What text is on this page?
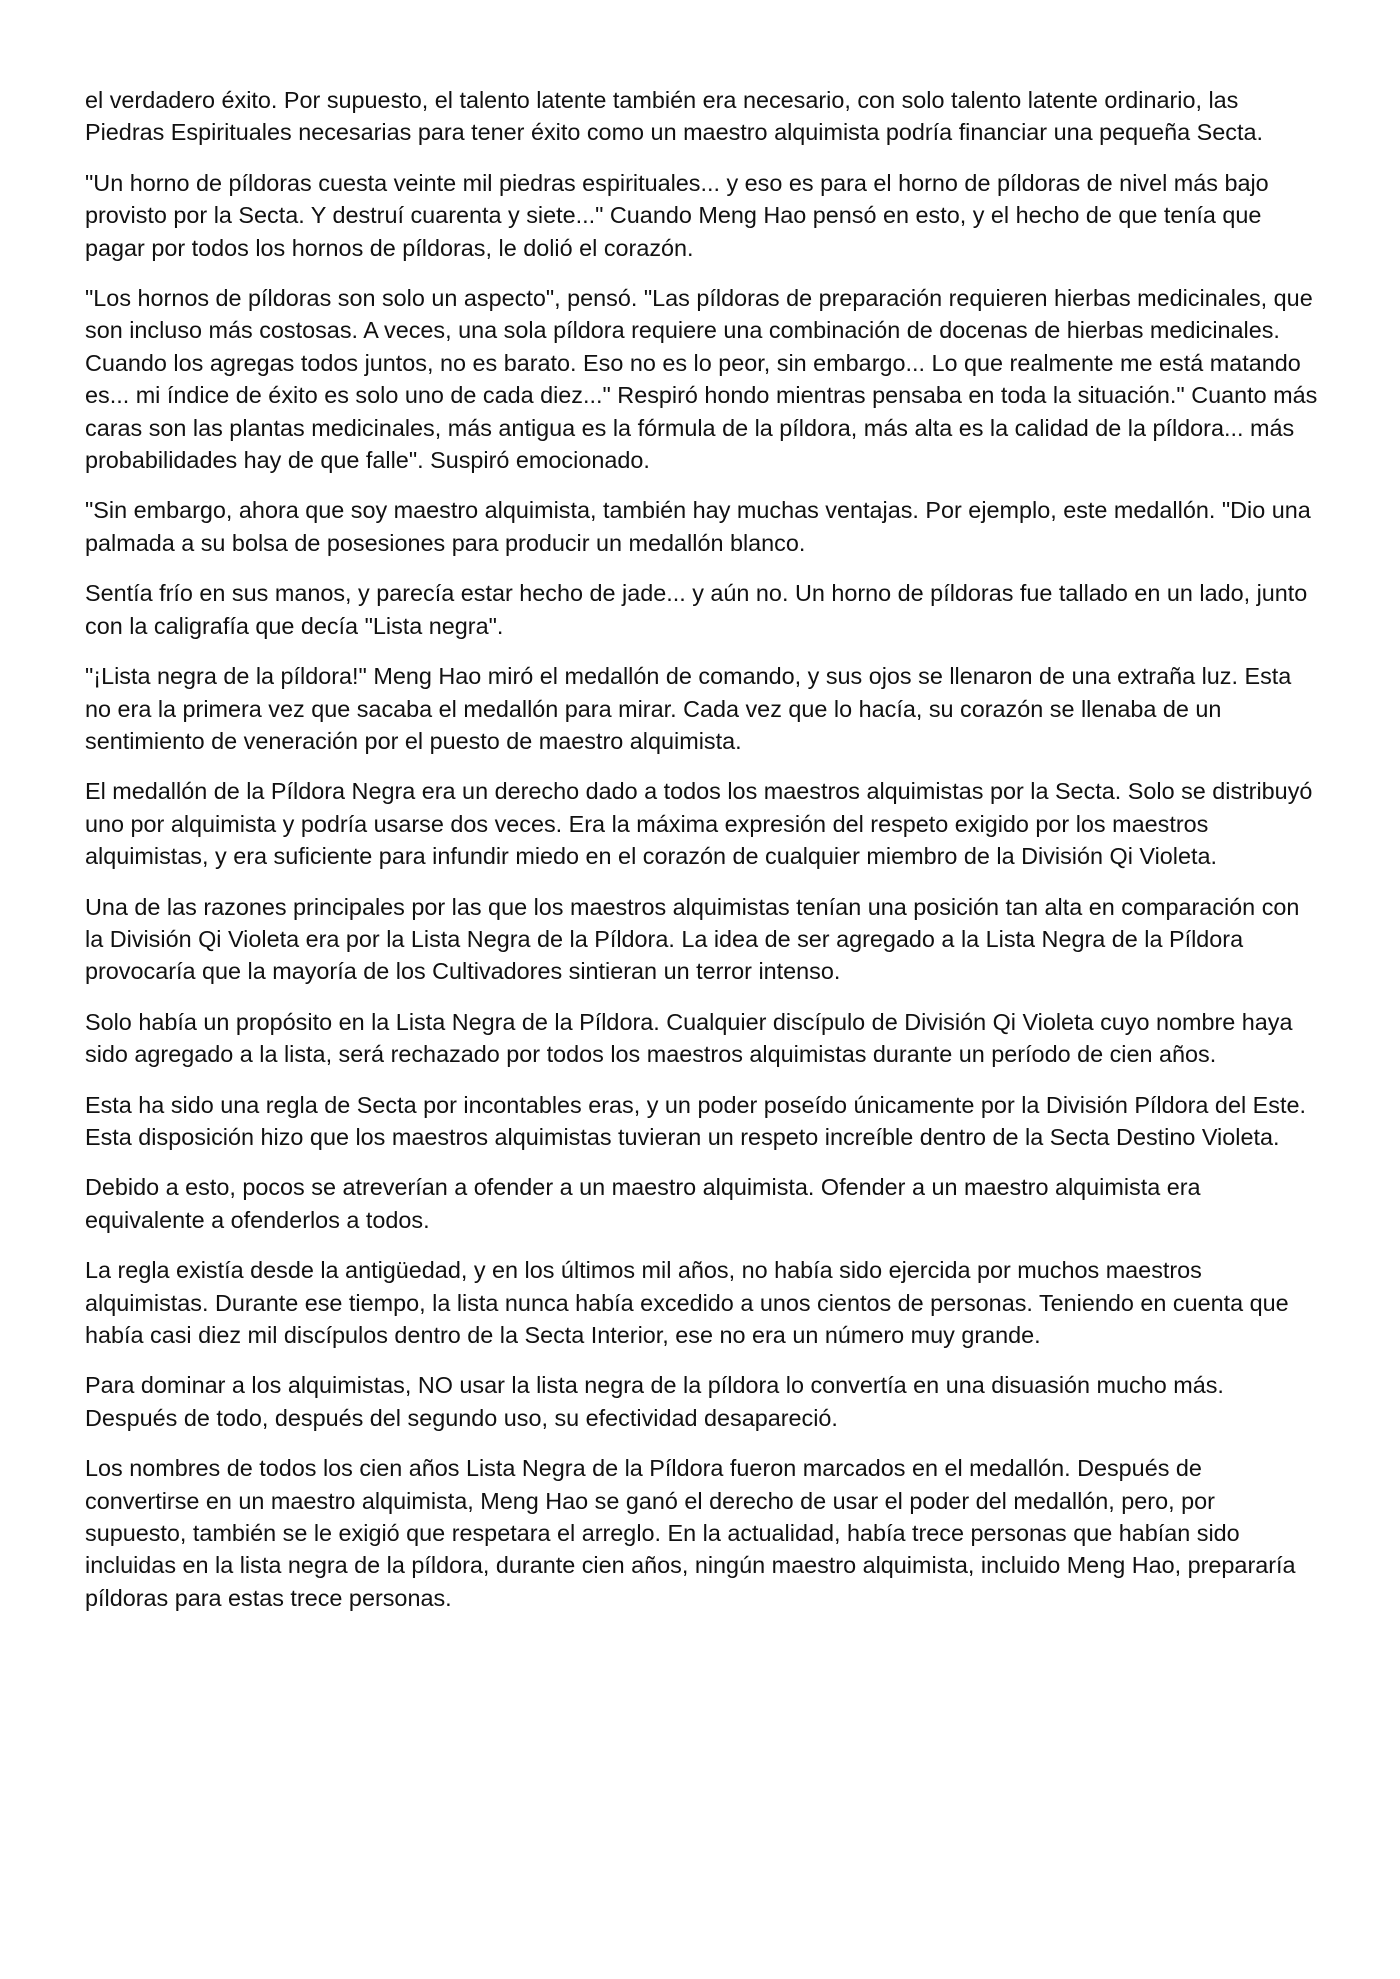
el verdadero éxito. Por supuesto, el talento latente también era necesario, con solo talento latente ordinario, las Piedras Espirituales necesarias para tener éxito como un maestro alquimista podría financiar una pequeña Secta.

"Un horno de píldoras cuesta veinte mil piedras espirituales... y eso es para el horno de píldoras de nivel más bajo provisto por la Secta. Y destruí cuarenta y siete..." Cuando Meng Hao pensó en esto, y el hecho de que tenía que pagar por todos los hornos de píldoras, le dolió el corazón.

"Los hornos de píldoras son solo un aspecto", pensó. "Las píldoras de preparación requieren hierbas medicinales, que son incluso más costosas. A veces, una sola píldora requiere una combinación de docenas de hierbas medicinales. Cuando los agregas todos juntos, no es barato. Eso no es lo peor, sin embargo... Lo que realmente me está matando es... mi índice de éxito es solo uno de cada diez..." Respiró hondo mientras pensaba en toda la situación." Cuanto más caras son las plantas medicinales, más antigua es la fórmula de la píldora, más alta es la calidad de la píldora... más probabilidades hay de que falle". Suspiró emocionado.

"Sin embargo, ahora que soy maestro alquimista, también hay muchas ventajas. Por ejemplo, este medallón. "Dio una palmada a su bolsa de posesiones para producir un medallón blanco.

Sentía frío en sus manos, y parecía estar hecho de jade... y aún no. Un horno de píldoras fue tallado en un lado, junto con la caligrafía que decía "Lista negra".

"¡Lista negra de la píldora!" Meng Hao miró el medallón de comando, y sus ojos se llenaron de una extraña luz. Esta no era la primera vez que sacaba el medallón para mirar. Cada vez que lo hacía, su corazón se llenaba de un sentimiento de veneración por el puesto de maestro alquimista.

El medallón de la Píldora Negra era un derecho dado a todos los maestros alquimistas por la Secta. Solo se distribuyó uno por alquimista y podría usarse dos veces. Era la máxima expresión del respeto exigido por los maestros alquimistas, y era suficiente para infundir miedo en el corazón de cualquier miembro de la División Qi Violeta.

Una de las razones principales por las que los maestros alquimistas tenían una posición tan alta en comparación con la División Qi Violeta era por la Lista Negra de la Píldora. La idea de ser agregado a la Lista Negra de la Píldora provocaría que la mayoría de los Cultivadores sintieran un terror intenso.

Solo había un propósito en la Lista Negra de la Píldora. Cualquier discípulo de División Qi Violeta cuyo nombre haya sido agregado a la lista, será rechazado por todos los maestros alquimistas durante un período de cien años.

Esta ha sido una regla de Secta por incontables eras, y un poder poseído únicamente por la División Píldora del Este. Esta disposición hizo que los maestros alquimistas tuvieran un respeto increíble dentro de la Secta Destino Violeta.

Debido a esto, pocos se atreverían a ofender a un maestro alquimista. Ofender a un maestro alquimista era equivalente a ofenderlos a todos.

La regla existía desde la antigüedad, y en los últimos mil años, no había sido ejercida por muchos maestros alquimistas. Durante ese tiempo, la lista nunca había excedido a unos cientos de personas. Teniendo en cuenta que había casi diez mil discípulos dentro de la Secta Interior, ese no era un número muy grande.

Para dominar a los alquimistas, NO usar la lista negra de la píldora lo convertía en una disuasión mucho más. Después de todo, después del segundo uso, su efectividad desapareció.

Los nombres de todos los cien años Lista Negra de la Píldora fueron marcados en el medallón. Después de convertirse en un maestro alquimista, Meng Hao se ganó el derecho de usar el poder del medallón, pero, por supuesto, también se le exigió que respetara el arreglo. En la actualidad, había trece personas que habían sido incluidas en la lista negra de la píldora, durante cien años, ningún maestro alquimista, incluido Meng Hao, prepararía píldoras para estas trece personas.
